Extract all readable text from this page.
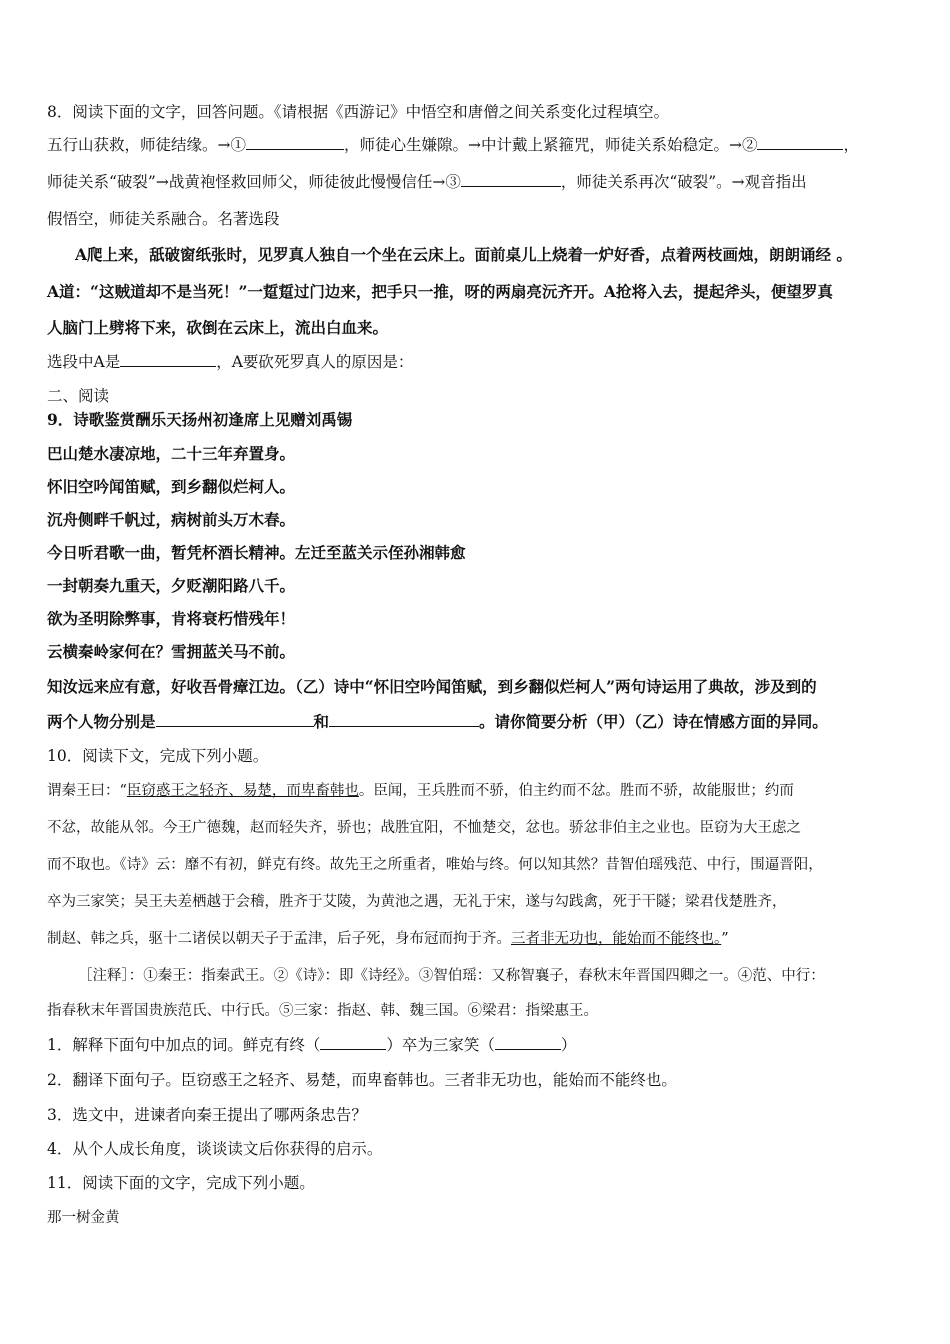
8．阅读下面的文字，回答问题。《请根据《西游记》中悟空和唐僧之间关系变化过程填空。

五行山获救，师徒结缘。→①	，师徒心生嫌隙。→中计戴上紧箍咒，师徒关系始稳定。→②	，

师徒关系“破裂”→战黄袍怪救回师父，师徒彼此慢慢信任→③	，师徒关系再次“破裂”。→观音指出

假悟空，师徒关系融合。名著选段

A爬上来，舐破窗纸张时，见罗真人独自一个坐在云床上。面前桌儿上烧着一炉好香，点着两枝画烛，朗朗诵经 。

A道：“这贼道却不是当死！”一踅踅过门边来，把手只一推，呀的两扇亮沅齐开。A抢将入去，提起斧头，便望罗真

人脑门上劈将下来，砍倒在云床上，流出白血来。

选段中A是	，A要砍死罗真人的原因是：

二、阅读

9．诗歌鉴赏酬乐天扬州初逢席上见赠刘禹锡

巴山楚水凄凉地，二十三年弃置身。

怀旧空吟闻笛赋，到乡翻似烂柯人。

沉舟侧畔千帆过，病树前头万木春。

今日听君歌一曲，暂凭杯酒长精神。左迁至蓝关示侄孙湘韩愈

一封朝奏九重天，夕贬潮阳路八千。

欲为圣明除弊事，肯将衰朽惜残年！

云横秦岭家何在？雪拥蓝关马不前。

知汝远来应有意，好收吾骨瘴江边。（乙）诗中“怀旧空吟闻笛赋，到乡翻似烂柯人”两句诗运用了典故，涉及到的

两个人物分别是	和	。请你简要分析（甲）（乙）诗在情感方面的异同。

10．阅读下文，完成下列小题。

谓秦王曰：“臣窃惑王之轻齐、易楚，而卑畜韩也。臣闻，王兵胜而不骄，伯主约而不忿。胜而不骄，故能服世；约而

不忿，故能从邻。今王广德魏，赵而轻失齐，骄也；战胜宜阳，不恤楚交，忿也。骄忿非伯主之业也。臣窃为大王虑之

而不取也。《诗》云：靡不有初，鲜克有终。故先王之所重者，唯始与终。何以知其然？昔智伯瑶残范、中行，围逼晋阳，

卒为三家笑；吴王夫差栖越于会稽，胜齐于艾陵，为黄池之遇，无礼于宋，遂与勾践禽，死于干隧；梁君伐楚胜齐，

制赵、韩之兵，驱十二诸侯以朝天子于孟津，后子死，身布冠而拘于齐。三者非无功也，能始而不能终也。”

［注释］：①秦王：指秦武王。②《诗》：即《诗经》。③智伯瑶：又称智襄子，春秋末年晋国四卿之一。④范、中行：

指春秋末年晋国贵族范氏、中行氏。⑤三家：指赵、韩、魏三国。⑥梁君：指梁惠王。

1．解释下面句中加点的词。鲜克有终（	）卒为三家笑（	）

2．翻译下面句子。臣窃惑王之轻齐、易楚，而卑畜韩也。三者非无功也，能始而不能终也。

3．选文中，进谏者向秦王提出了哪两条忠告？

4．从个人成长角度，谈谈读文后你获得的启示。

11．阅读下面的文字，完成下列小题。

那一树金黄
